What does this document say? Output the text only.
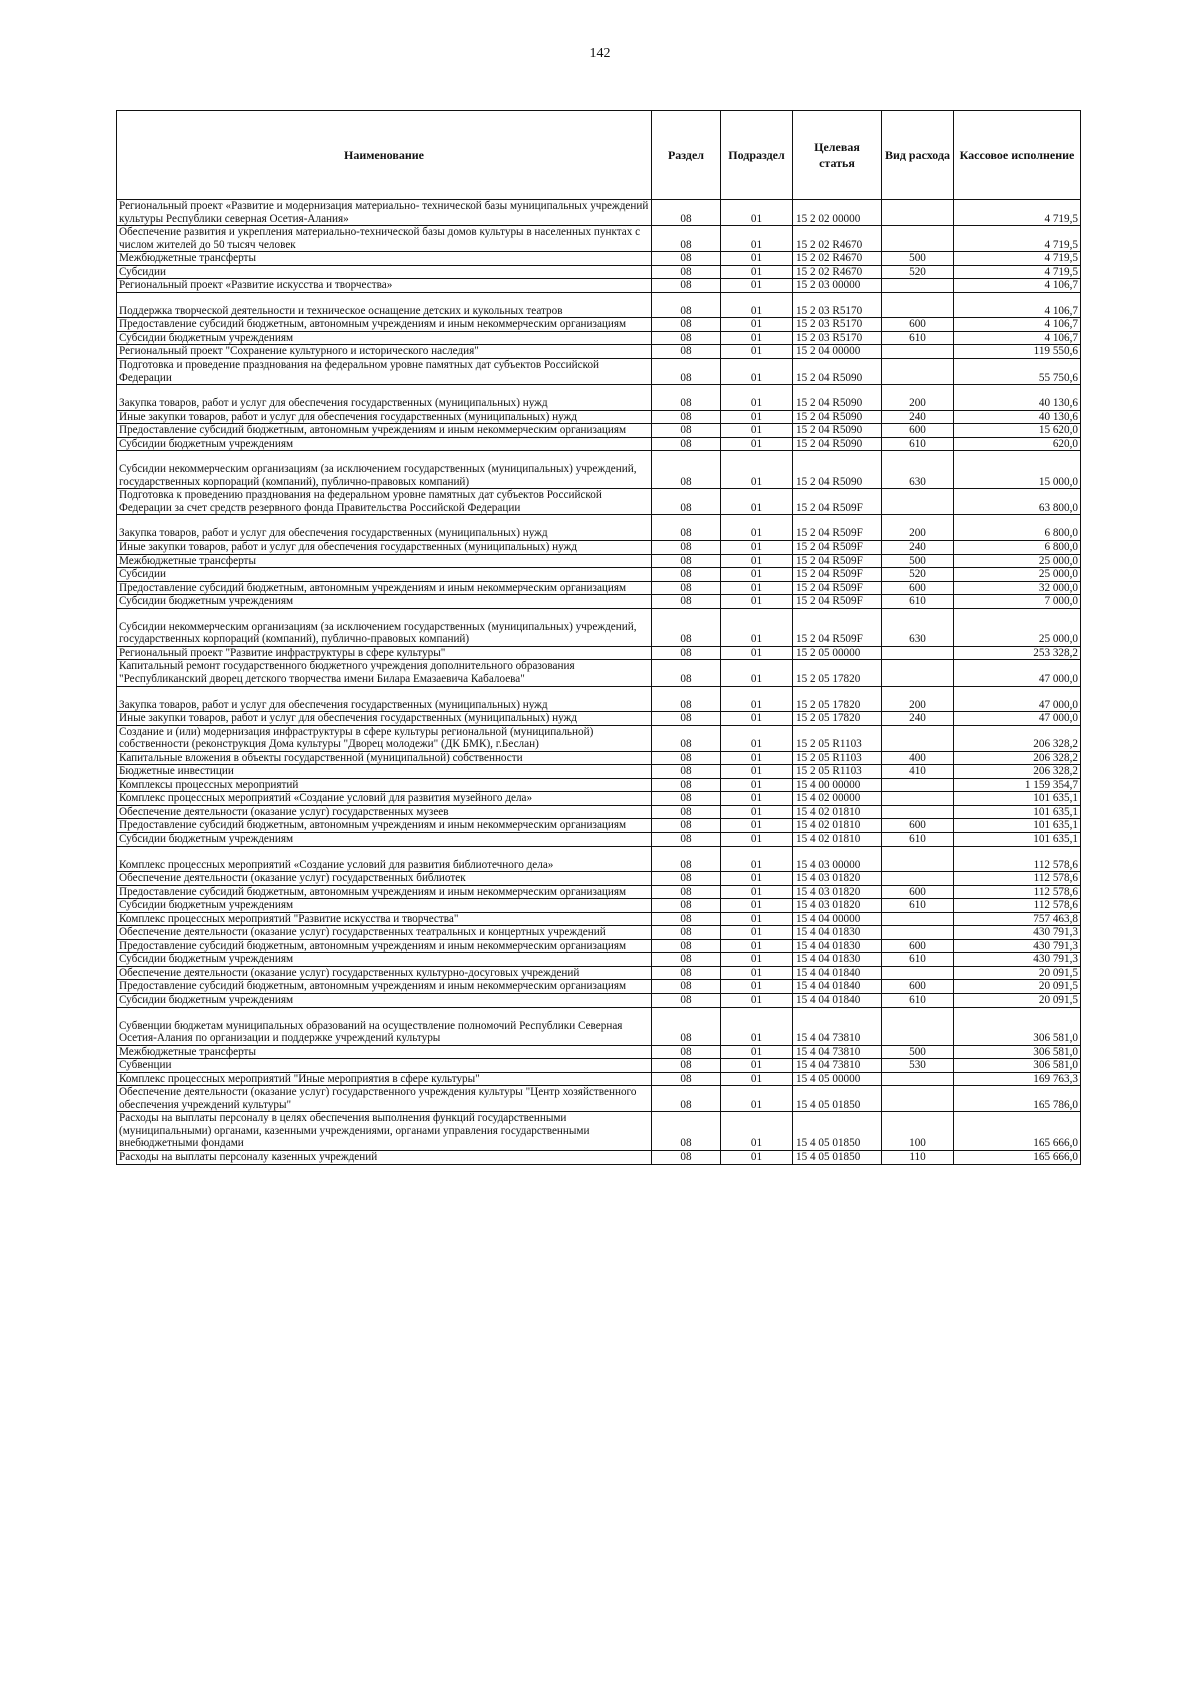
142
Наименование	Раздел	Подраздел	Целевая статья	Вид расхода	Кассовое исполнение
Региональный проект «Развитие и модернизация материально- технической базы муниципальных учреждений культуры Республики северная Осетия-Алания»	08	01	15 2 02 00000		4 719,5
Обеспечение развития и укрепления материально-технической базы домов культуры в населенных пунктах с числом жителей до 50 тысяч человек	08	01	15 2 02 R4670		4 719,5
Межбюджетные трансферты	08	01	15 2 02 R4670	500	4 719,5
Субсидии	08	01	15 2 02 R4670	520	4 719,5
Региональный проект «Развитие искусства и творчества»	08	01	15 2 03 00000		4 106,7
Поддержка творческой деятельности и техническое оснащение детских и кукольных театров	08	01	15 2 03 R5170		4 106,7
Предоставление субсидий бюджетным, автономным учреждениям и иным некоммерческим организациям	08	01	15 2 03 R5170	600	4 106,7
Субсидии бюджетным учреждениям	08	01	15 2 03 R5170	610	4 106,7
Региональный проект "Сохранение культурного и исторического наследия"	08	01	15 2 04 00000		119 550,6
Подготовка и проведение празднования на федеральном уровне памятных дат субъектов Российской Федерации	08	01	15 2 04 R5090		55 750,6
Закупка товаров, работ и услуг для обеспечения государственных (муниципальных) нужд	08	01	15 2 04 R5090	200	40 130,6
Иные закупки товаров, работ и услуг для обеспечения государственных (муниципальных) нужд	08	01	15 2 04 R5090	240	40 130,6
Предоставление субсидий бюджетным, автономным учреждениям и иным некоммерческим организациям	08	01	15 2 04 R5090	600	15 620,0
Субсидии бюджетным учреждениям	08	01	15 2 04 R5090	610	620,0
Субсидии некоммерческим организациям (за исключением государственных (муниципальных) учреждений, государственных корпораций (компаний), публично-правовых компаний)	08	01	15 2 04 R5090	630	15 000,0
Подготовка к проведению празднования на федеральном уровне памятных дат субъектов Российской Федерации за счет средств резервного фонда Правительства Российской Федерации	08	01	15 2 04 R509F		63 800,0
Закупка товаров, работ и услуг для обеспечения государственных (муниципальных) нужд	08	01	15 2 04 R509F	200	6 800,0
Иные закупки товаров, работ и услуг для обеспечения государственных (муниципальных) нужд	08	01	15 2 04 R509F	240	6 800,0
Межбюджетные трансферты	08	01	15 2 04 R509F	500	25 000,0
Субсидии	08	01	15 2 04 R509F	520	25 000,0
Предоставление субсидий бюджетным, автономным учреждениям и иным некоммерческим организациям	08	01	15 2 04 R509F	600	32 000,0
Субсидии бюджетным учреждениям	08	01	15 2 04 R509F	610	7 000,0
Субсидии некоммерческим организациям (за исключением государственных (муниципальных) учреждений, государственных корпораций (компаний), публично-правовых компаний)	08	01	15 2 04 R509F	630	25 000,0
Региональный проект "Развитие инфраструктуры в сфере культуры"	08	01	15 2 05 00000		253 328,2
Капитальный ремонт государственного бюджетного учреждения дополнительного образования "Республиканский дворец детского творчества имени Билара Емазаевича Кабалоева"	08	01	15 2 05 17820		47 000,0
Закупка товаров, работ и услуг для обеспечения государственных (муниципальных) нужд	08	01	15 2 05 17820	200	47 000,0
Иные закупки товаров, работ и услуг для обеспечения государственных (муниципальных) нужд	08	01	15 2 05 17820	240	47 000,0
Создание и (или) модернизация инфраструктуры в сфере культуры региональной (муниципальной) собственности (реконструкция Дома культуры "Дворец молодежи" (ДК БМК), г.Беслан)	08	01	15 2 05 R1103		206 328,2
Капитальные вложения в объекты государственной (муниципальной) собственности	08	01	15 2 05 R1103	400	206 328,2
Бюджетные инвестиции	08	01	15 2 05 R1103	410	206 328,2
Комплексы процессных мероприятий	08	01	15 4 00 00000		1 159 354,7
Комплекс процессных мероприятий «Создание условий для развития музейного дела»	08	01	15 4 02 00000		101 635,1
Обеспечение деятельности (оказание услуг) государственных музеев	08	01	15 4 02 01810		101 635,1
Предоставление субсидий бюджетным, автономным учреждениям и иным некоммерческим организациям	08	01	15 4 02 01810	600	101 635,1
Субсидии бюджетным учреждениям	08	01	15 4 02 01810	610	101 635,1
Комплекс процессных мероприятий «Создание условий для развития библиотечного дела»	08	01	15 4 03 00000		112 578,6
Обеспечение деятельности (оказание услуг) государственных библиотек	08	01	15 4 03 01820		112 578,6
Предоставление субсидий бюджетным, автономным учреждениям и иным некоммерческим организациям	08	01	15 4 03 01820	600	112 578,6
Субсидии бюджетным учреждениям	08	01	15 4 03 01820	610	112 578,6
Комплекс процессных мероприятий "Развитие искусства и творчества"	08	01	15 4 04 00000		757 463,8
Обеспечение деятельности (оказание услуг) государственных театральных и концертных учреждений	08	01	15 4 04 01830		430 791,3
Предоставление субсидий бюджетным, автономным учреждениям и иным некоммерческим организациям	08	01	15 4 04 01830	600	430 791,3
Субсидии бюджетным учреждениям	08	01	15 4 04 01830	610	430 791,3
Обеспечение деятельности (оказание услуг) государственных культурно-досуговых учреждений	08	01	15 4 04 01840		20 091,5
Предоставление субсидий бюджетным, автономным учреждениям и иным некоммерческим организациям	08	01	15 4 04 01840	600	20 091,5
Субсидии бюджетным учреждениям	08	01	15 4 04 01840	610	20 091,5
Субвенции бюджетам муниципальных образований на осуществление полномочий Республики Северная Осетия-Алания по организации и поддержке учреждений культуры	08	01	15 4 04 73810		306 581,0
Межбюджетные трансферты	08	01	15 4 04 73810	500	306 581,0
Субвенции	08	01	15 4 04 73810	530	306 581,0
Комплекс процессных мероприятий "Иные мероприятия в сфере культуры"	08	01	15 4 05 00000		169 763,3
Обеспечение деятельности (оказание услуг) государственного учреждения культуры "Центр хозяйственного обеспечения учреждений культуры"	08	01	15 4 05 01850		165 786,0
Расходы на выплаты персоналу в целях обеспечения выполнения функций государственными (муниципальными) органами, казенными учреждениями, органами управления государственными внебюджетными фондами	08	01	15 4 05 01850	100	165 666,0
Расходы на выплаты персоналу казенных учреждений	08	01	15 4 05 01850	110	165 666,0
